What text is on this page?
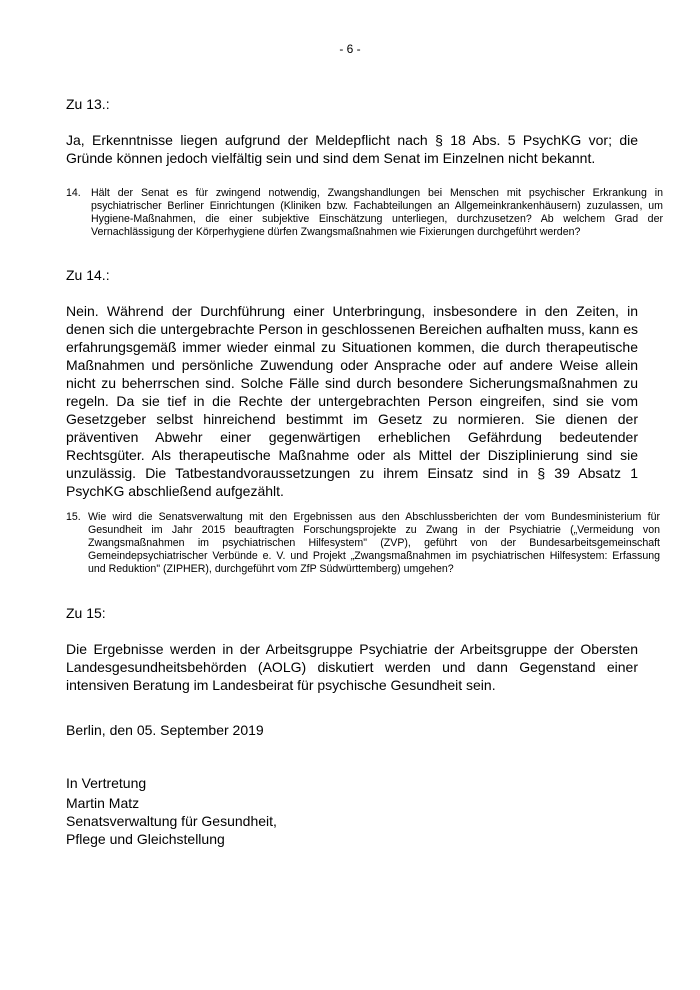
- 6 -
Zu 13.:

Ja, Erkenntnisse liegen aufgrund der Meldepflicht nach § 18 Abs. 5 PsychKG vor; die Gründe können jedoch vielfältig sein und sind dem Senat im Einzelnen nicht bekannt.

14. Hält der Senat es für zwingend notwendig, Zwangshandlungen bei Menschen mit psychischer Erkrankung in psychiatrischer Berliner Einrichtungen (Kliniken bzw. Fachabteilungen an Allgemeinkrankenhäusern) zuzulassen, um Hygiene-Maßnahmen, die einer subjektive Einschätzung unterliegen, durchzusetzen? Ab welchem Grad der Vernachlässigung der Körperhygiene dürfen Zwangsmaßnahmen wie Fixierungen durchgeführt werden?

Zu 14.:

Nein. Während der Durchführung einer Unterbringung, insbesondere in den Zeiten, in denen sich die untergebrachte Person in geschlossenen Bereichen aufhalten muss, kann es erfahrungsgemäß immer wieder einmal zu Situationen kommen, die durch therapeutische Maßnahmen und persönliche Zuwendung oder Ansprache oder auf andere Weise allein nicht zu beherrschen sind. Solche Fälle sind durch besondere Sicherungsmaßnahmen zu regeln. Da sie tief in die Rechte der untergebrachten Person eingreifen, sind sie vom Gesetzgeber selbst hinreichend bestimmt im Gesetz zu normieren. Sie dienen der präventiven Abwehr einer gegenwärtigen erheblichen Gefährdung bedeutender Rechtsgüter. Als therapeutische Maßnahme oder als Mittel der Disziplinierung sind sie unzulässig. Die Tatbestandvoraussetzungen zu ihrem Einsatz sind in § 39 Absatz 1 PsychKG abschließend aufgezählt.

15. Wie wird die Senatsverwaltung mit den Ergebnissen aus den Abschlussberichten der vom Bundesministerium für Gesundheit im Jahr 2015 beauftragten Forschungsprojekte zu Zwang in der Psychiatrie („Vermeidung von Zwangsmaßnahmen im psychiatrischen Hilfesystem" (ZVP), geführt von der Bundesarbeitsgemeinschaft Gemeindepsychiatrischer Verbünde e. V. und Projekt „Zwangsmaßnahmen im psychiatrischen Hilfesystem: Erfassung und Reduktion" (ZIPHER), durchgeführt vom ZfP Südwürttemberg) umgehen?

Zu 15:

Die Ergebnisse werden in der Arbeitsgruppe Psychiatrie der Arbeitsgruppe der Obersten Landesgesundheitsbehörden (AOLG) diskutiert werden und dann Gegenstand einer intensiven Beratung im Landesbeirat für psychische Gesundheit sein.

Berlin, den 05. September 2019
In Vertretung
Martin Matz
Senatsverwaltung für Gesundheit,
Pflege und Gleichstellung
